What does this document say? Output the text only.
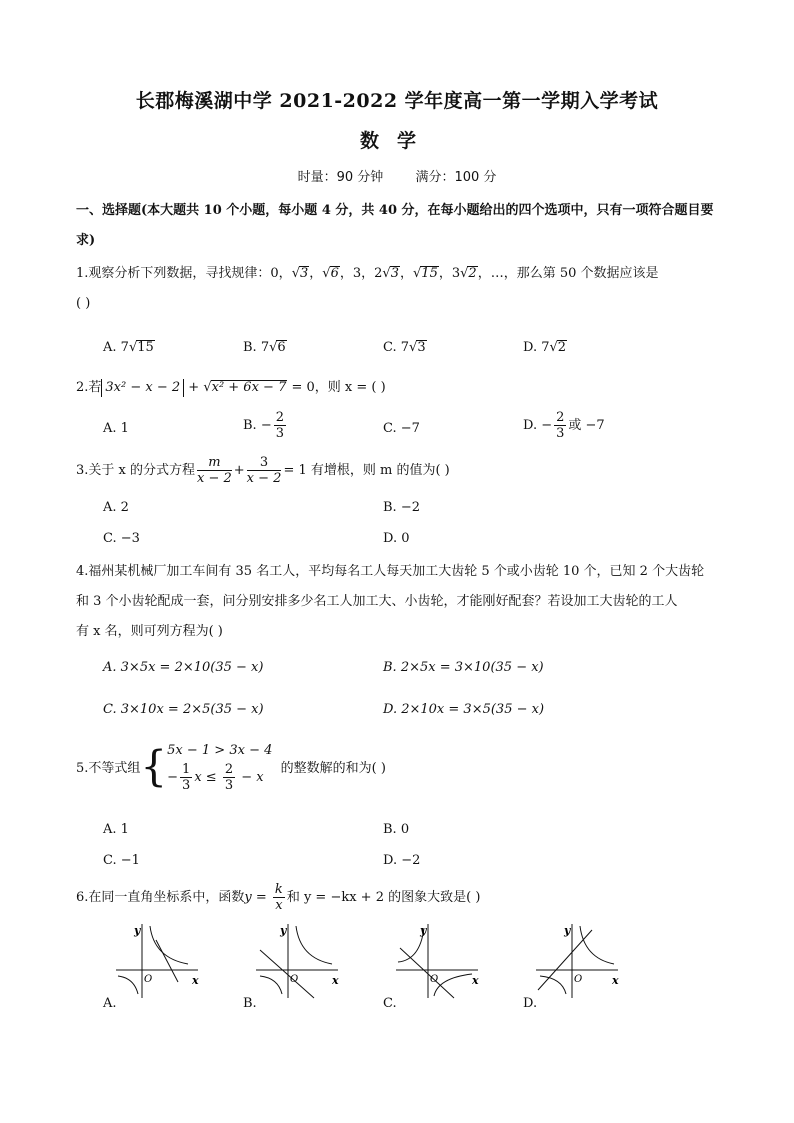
长郡梅溪湖中学 2021-2022 学年度高一第一学期入学考试
数学
时量：90 分钟 满分：100 分
一、选择题(本大题共 10 个小题，每小题 4 分，共 40 分，在每小题给出的四个选项中，只有一项符合题目要求)
1.观察分析下列数据，寻找规律：0，√3，√6，3，2√3，√15，3√2，…，那么第 50 个数据应该是
( )
A. 7√15	B. 7√6	C. 7√3	D. 7√2
2.若 3x² − x − 2 + √x² + 6x − 7 = 0，则 x = ( )
A. 1	B. − $\frac{2}{3}$	C. −7	D. − $\frac{2}{3}$ 或 −7
3.关于 x 的分式方程 $\frac{m}{x - 2} + \frac{3}{x - 2} = 1$ 有增根，则 m 的值为( )
A. 2	B. −2
C. −3	D. 0
4.福州某机械厂加工车间有 35 名工人，平均每名工人每天加工大齿轮 5 个或小齿轮 10 个，已知 2 个大齿轮
和 3 个小齿轮配成一套，问分别安排多少名工人加工大、小齿轮，才能刚好配套？若设加工大齿轮的工人
有 x 名，则可列方程为( )
A. 3×5x = 2×10(35 − x)	B. 2×5x = 3×10(35 − x)
C. 3×10x = 2×5(35 − x)	D. 2×10x = 3×5(35 − x)
5.不等式组{ 5x − 1 > 3x − 4
− $\frac{1}{3}$ $x \le \frac{2}{3} - x$
的整数解的和为( )
A. 1	B. 0
C. −1	D. −2
6.在同一直角坐标系中，函数$y = \frac{k}{x}$ 和 y = −kx + 2 的图象大致是( )
y
x
O
y
x
O
y
x
O
y
x
O
A.	B.	C.	D.
